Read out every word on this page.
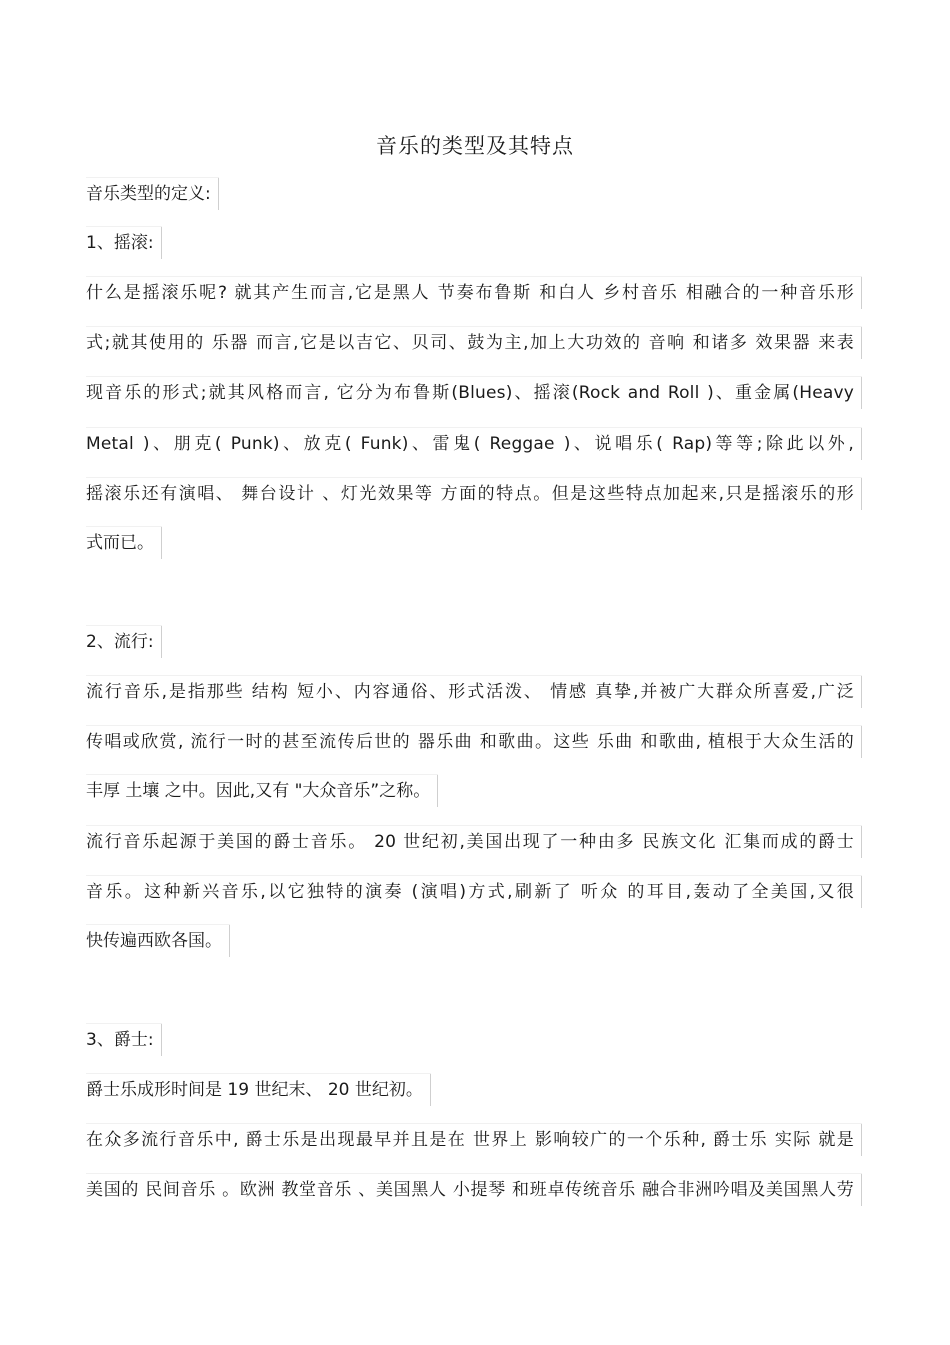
音乐的类型及其特点
音乐类型的定义:
1、摇滚:
什么是摇滚乐呢? 就其产生而言,它是黑人 节奏布鲁斯 和白人 乡村音乐 相融合的一种音乐形
式;就其使用的 乐器 而言,它是以吉它、贝司、鼓为主,加上大功效的 音响 和诸多 效果器 来表
现音乐的形式;就其风格而言, 它分为布鲁斯(Blues)、摇滚(Rock and Roll )、重金属(Heavy
Metal )、朋克( Punk)、放克( Funk)、雷鬼( Reggae )、说唱乐( Rap)等等;除此以外,
摇滚乐还有演唱、 舞台设计 、灯光效果等 方面的特点。但是这些特点加起来,只是摇滚乐的形
式而已。
2、流行:
流行音乐,是指那些 结构 短小、内容通俗、形式活泼、 情感 真挚,并被广大群众所喜爱,广泛
传唱或欣赏, 流行一时的甚至流传后世的 器乐曲 和歌曲。这些 乐曲 和歌曲, 植根于大众生活的
丰厚 土壤 之中。因此,又有 "大众音乐”之称。
流行音乐起源于美国的爵士音乐。 20 世纪初,美国出现了一种由多 民族文化 汇集而成的爵士
音乐。这种新兴音乐,以它独特的演奏 (演唱)方式,刷新了 听众 的耳目,轰动了全美国,又很
快传遍西欧各国。
3、爵士:
爵士乐成形时间是 19 世纪末、 20 世纪初。
在众多流行音乐中, 爵士乐是出现最早并且是在 世界上 影响较广的一个乐种, 爵士乐 实际 就是
美国的 民间音乐 。欧洲 教堂音乐 、美国黑人 小提琴 和班卓传统音乐 融合非洲吟唱及美国黑人劳
